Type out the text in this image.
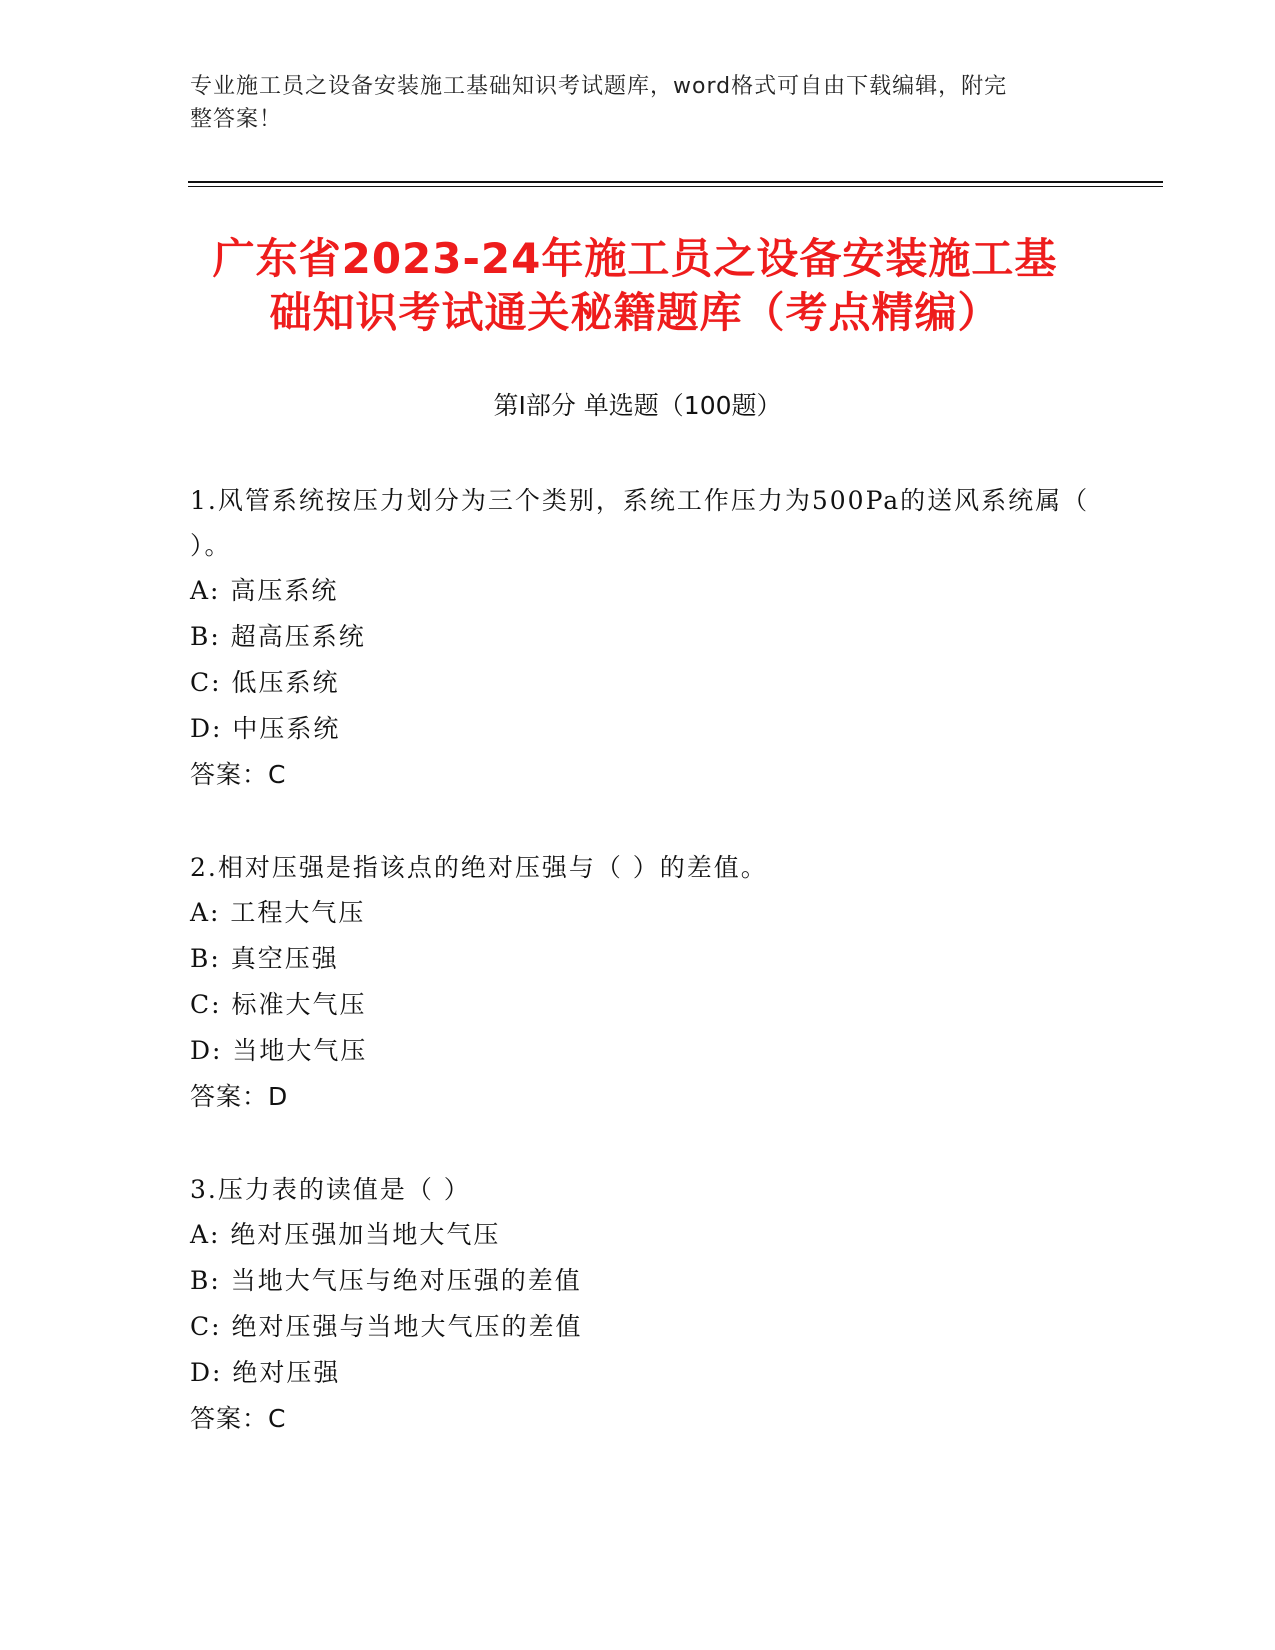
专业施工员之设备安装施工基础知识考试题库，word格式可自由下载编辑，附完
整答案！
广东省2023-24年施工员之设备安装施工基
础知识考试通关秘籍题库（考点精编）
第Ⅰ部分 单选题（100题）
1.风管系统按压力划分为三个类别，系统工作压力为500Pa的送风系统属（ ）。
A: 高压系统
B: 超高压系统
C: 低压系统
D: 中压系统
答案：C
2.相对压强是指该点的绝对压强与（ ）的差值。
A: 工程大气压
B: 真空压强
C: 标准大气压
D: 当地大气压
答案：D
3.压力表的读值是（ ）
A: 绝对压强加当地大气压
B: 当地大气压与绝对压强的差值
C: 绝对压强与当地大气压的差值
D: 绝对压强
答案：C
